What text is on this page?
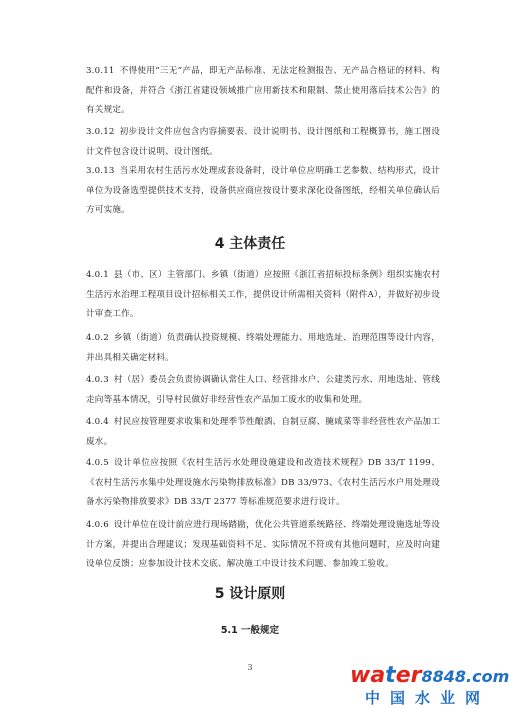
3.0.11 不得使用“三无”产品，即无产品标准、无法定检测报告、无产品合格证的材料、构配件和设备，并符合《浙江省建设领域推广应用新技术和限制、禁止使用落后技术公告》的有关规定。

3.0.12 初步设计文件应包含内容摘要表、设计说明书、设计图纸和工程概算书，施工图设计文件包含设计说明、设计图纸。

3.0.13 当采用农村生活污水处理成套设备时，设计单位应明确工艺参数、结构形式，设计单位为设备选型提供技术支持，设备供应商应按设计要求深化设备图纸，经相关单位确认后方可实施。

4 主体责任

4.0.1 县（市、区）主管部门、乡镇（街道）应按照《浙江省招标投标条例》组织实施农村生活污水治理工程项目设计招标相关工作，提供设计所需相关资料（附件A），并做好初步设计审查工作。

4.0.2 乡镇（街道）负责确认投资规模、终端处理能力、用地选址、治理范围等设计内容，并出具相关确定材料。

4.0.3 村（居）委员会负责协调确认常住人口、经营排水户、公建类污水、用地选址、管线走向等基本情况，引导村民做好非经营性农产品加工废水的收集和处理。

4.0.4 村民应按管理要求收集和处理季节性酿酒、自制豆腐、腌咸菜等非经营性农产品加工废水。

4.0.5 设计单位应按照《农村生活污水处理设施建设和改造技术规程》DB 33/T 1199、《农村生活污水集中处理设施水污染物排放标准》DB 33/973、《农村生活污水户用处理设备水污染物排放要求》DB 33/T 2377 等标准规范要求进行设计。

4.0.6 设计单位在设计前应进行现场踏勘，优化公共管道系统路径、终端处理设施选址等设计方案，并提出合理建议；发现基础资料不足、实际情况不符或有其他问题时，应及时向建设单位反馈；应参加设计技术交底、解决施工中设计技术问题、参加竣工验收。

5 设计原则
5.1 一般规定
3	water8848.com
中国水业网
